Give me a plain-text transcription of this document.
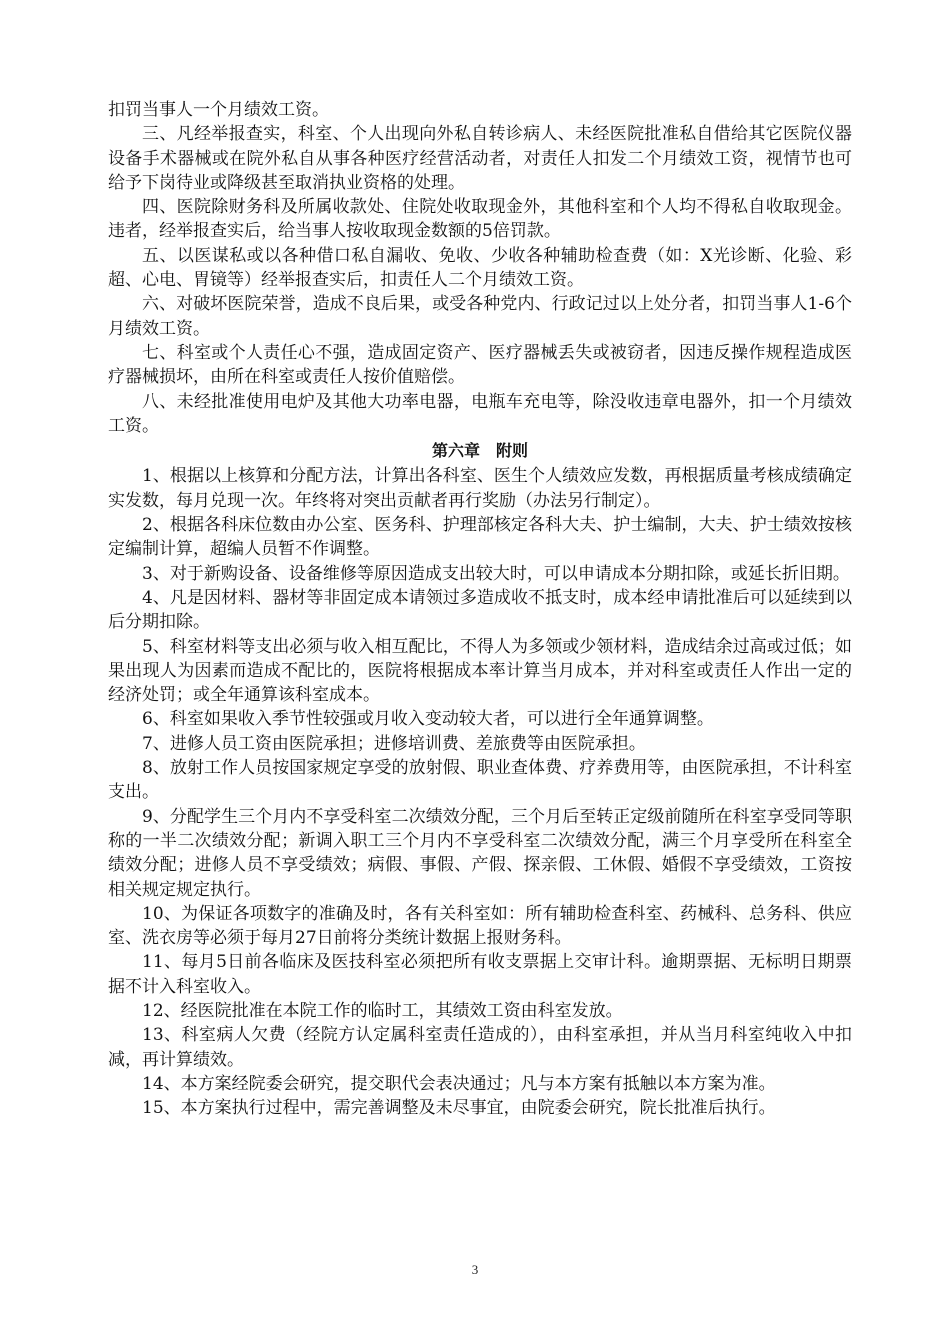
扣罚当事人一个月绩效工资。

三、凡经举报查实，科室、个人出现向外私自转诊病人、未经医院批准私自借给其它医院仪器设备手术器械或在院外私自从事各种医疗经营活动者，对责任人扣发二个月绩效工资，视情节也可给予下岗待业或降级甚至取消执业资格的处理。

四、医院除财务科及所属收款处、住院处收取现金外，其他科室和个人均不得私自收取现金。违者，经举报查实后，给当事人按收取现金数额的5倍罚款。

五、以医谋私或以各种借口私自漏收、免收、少收各种辅助检查费（如：X光诊断、化验、彩超、心电、胃镜等）经举报查实后，扣责任人二个月绩效工资。

六、对破坏医院荣誉，造成不良后果，或受各种党内、行政记过以上处分者，扣罚当事人1-6个月绩效工资。

七、科室或个人责任心不强，造成固定资产、医疗器械丢失或被窃者，因违反操作规程造成医疗器械损坏，由所在科室或责任人按价值赔偿。

八、未经批准使用电炉及其他大功率电器，电瓶车充电等，除没收违章电器外，扣一个月绩效工资。

第六章　附则

1、根据以上核算和分配方法，计算出各科室、医生个人绩效应发数，再根据质量考核成绩确定实发数，每月兑现一次。年终将对突出贡献者再行奖励（办法另行制定）。

2、根据各科床位数由办公室、医务科、护理部核定各科大夫、护士编制，大夫、护士绩效按核定编制计算，超编人员暂不作调整。

3、对于新购设备、设备维修等原因造成支出较大时，可以申请成本分期扣除，或延长折旧期。

4、凡是因材料、器材等非固定成本请领过多造成收不抵支时，成本经申请批准后可以延续到以后分期扣除。

5、科室材料等支出必须与收入相互配比，不得人为多领或少领材料，造成结余过高或过低；如果出现人为因素而造成不配比的，医院将根据成本率计算当月成本，并对科室或责任人作出一定的经济处罚；或全年通算该科室成本。

6、科室如果收入季节性较强或月收入变动较大者，可以进行全年通算调整。

7、进修人员工资由医院承担；进修培训费、差旅费等由医院承担。

8、放射工作人员按国家规定享受的放射假、职业查体费、疗养费用等，由医院承担，不计科室支出。

9、分配学生三个月内不享受科室二次绩效分配，三个月后至转正定级前随所在科室享受同等职称的一半二次绩效分配；新调入职工三个月内不享受科室二次绩效分配，满三个月享受所在科室全绩效分配；进修人员不享受绩效；病假、事假、产假、探亲假、工休假、婚假不享受绩效，工资按相关规定规定执行。

10、为保证各项数字的准确及时，各有关科室如：所有辅助检查科室、药械科、总务科、供应室、洗衣房等必须于每月27日前将分类统计数据上报财务科。

11、每月5日前各临床及医技科室必须把所有收支票据上交审计科。逾期票据、无标明日期票据不计入科室收入。

12、经医院批准在本院工作的临时工，其绩效工资由科室发放。

13、科室病人欠费（经院方认定属科室责任造成的），由科室承担，并从当月科室纯收入中扣减，再计算绩效。

14、本方案经院委会研究，提交职代会表决通过；凡与本方案有抵触以本方案为准。

15、本方案执行过程中，需完善调整及未尽事宜，由院委会研究，院长批准后执行。

3
